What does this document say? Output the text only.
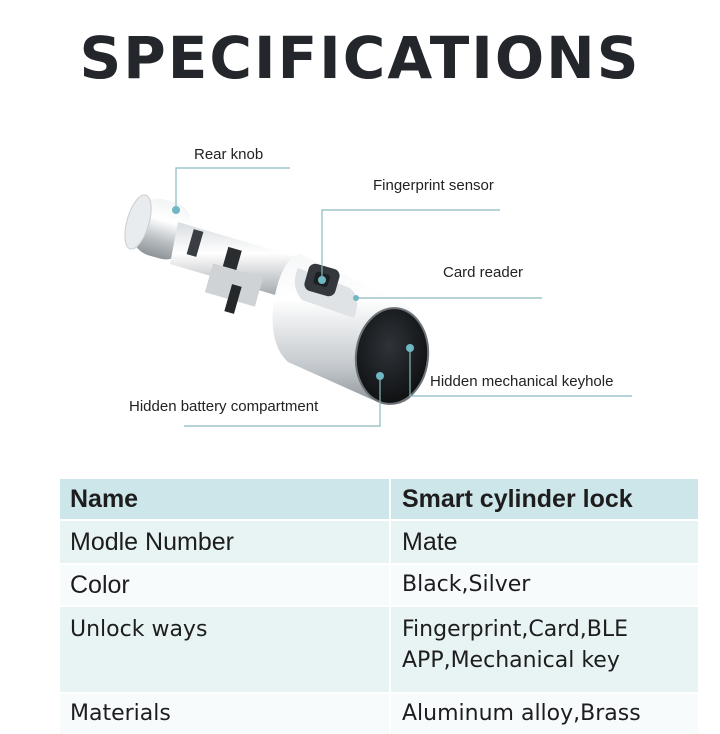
SPECIFICATIONS
Rear knob
Fingerprint sensor
Card reader
Hidden mechanical keyhole
Hidden battery compartment
Name	Smart cylinder lock

Modle Number	Mate

Color	Black,Silver

Unlock ways	Fingerprint,Card,BLE
APP,Mechanical key

Materials	Aluminum alloy,Brass
